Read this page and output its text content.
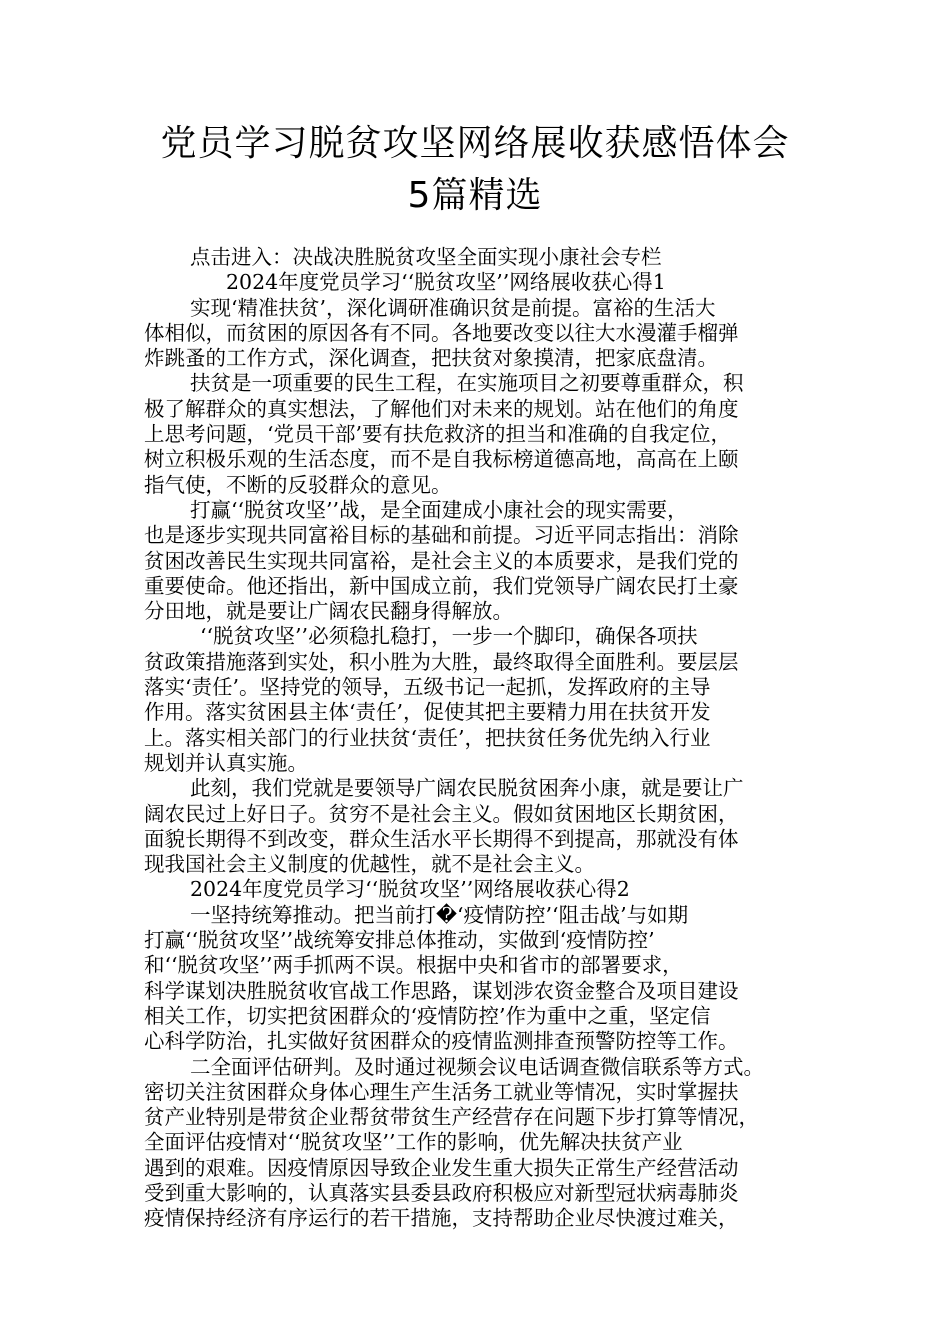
党员学习脱贫攻坚网络展收获感悟体会
5篇精选
点击进入：决战决胜脱贫攻坚全面实现小康社会专栏
2024年度党员学习‘‘脱贫攻坚’’网络展收获心得1
实现‘精准扶贫’，深化调研准确识贫是前提。富裕的生活大
体相似，而贫困的原因各有不同。各地要改变以往大水漫灌手榴弹
炸跳蚤的工作方式，深化调查，把扶贫对象摸清，把家底盘清。
扶贫是一项重要的民生工程，在实施项目之初要尊重群众，积
极了解群众的真实想法，了解他们对未来的规划。站在他们的角度
上思考问题，‘党员干部’要有扶危救济的担当和准确的自我定位，
树立积极乐观的生活态度，而不是自我标榜道德高地，高高在上颐
指气使，不断的反驳群众的意见。
打赢‘‘脱贫攻坚’’战，是全面建成小康社会的现实需要，
也是逐步实现共同富裕目标的基础和前提。习近平同志指出：消除
贫困改善民生实现共同富裕，是社会主义的本质要求，是我们党的
重要使命。他还指出，新中国成立前，我们党领导广阔农民打土豪
分田地，就是要让广阔农民翻身得解放。
‘‘脱贫攻坚’’必须稳扎稳打，一步一个脚印，确保各项扶
贫政策措施落到实处，积小胜为大胜，最终取得全面胜利。要层层
落实‘责任’。坚持党的领导，五级书记一起抓，发挥政府的主导
作用。落实贫困县主体‘责任’，促使其把主要精力用在扶贫开发
上。落实相关部门的行业扶贫‘责任’，把扶贫任务优先纳入行业
规划并认真实施。
此刻，我们党就是要领导广阔农民脱贫困奔小康，就是要让广
阔农民过上好日子。贫穷不是社会主义。假如贫困地区长期贫困，
面貌长期得不到改变，群众生活水平长期得不到提高，那就没有体
现我国社会主义制度的优越性，就不是社会主义。
2024年度党员学习‘‘脱贫攻坚’’网络展收获心得2
一坚持统筹推动。把当前打�‘疫情防控’‘阻击战’与如期
打赢‘‘脱贫攻坚’’战统筹安排总体推动，实做到‘疫情防控’
和‘‘脱贫攻坚’’两手抓两不误。根据中央和省市的部署要求，
科学谋划决胜脱贫收官战工作思路，谋划涉农资金整合及项目建设
相关工作，切实把贫困群众的‘疫情防控’作为重中之重，坚定信
心科学防治，扎实做好贫困群众的疫情监测排查预警防控等工作。
二全面评估研判。及时通过视频会议电话调查微信联系等方式。
密切关注贫困群众身体心理生产生活务工就业等情况，实时掌握扶
贫产业特别是带贫企业帮贫带贫生产经营存在问题下步打算等情况，
全面评估疫情对‘‘脱贫攻坚’’工作的影响，优先解决扶贫产业
遇到的艰难。因疫情原因导致企业发生重大损失正常生产经营活动
受到重大影响的，认真落实县委县政府积极应对新型冠状病毒肺炎
疫情保持经济有序运行的若干措施，支持帮助企业尽快渡过难关，
